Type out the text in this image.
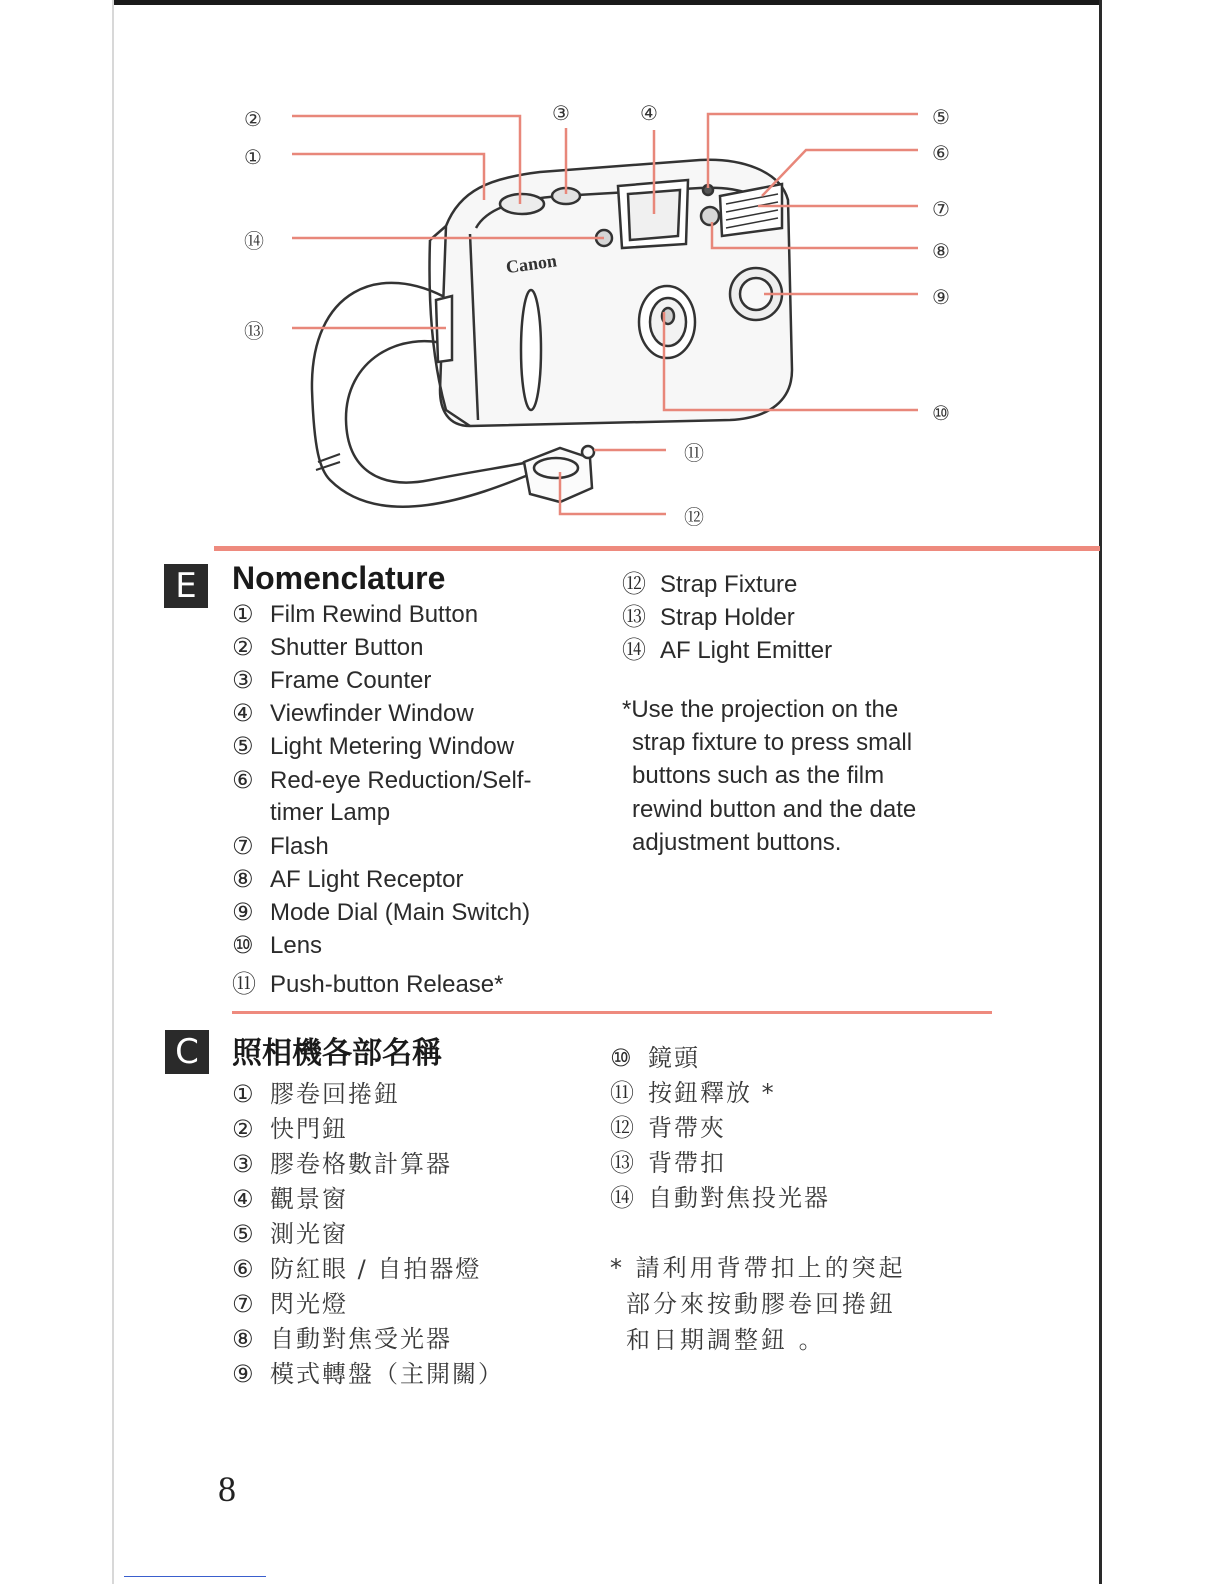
Canon
②
①
⑭
⑬
③	④	⑤
⑥
⑦
⑧
⑨
⑩
⑪
⑫
E	Nomenclature
① Film Rewind Button
② Shutter Button
③ Frame Counter
④ Viewfinder Window
⑤ Light Metering Window
⑥ Red-eye Reduction/Self-
timer Lamp
⑦ Flash
⑧ AF Light Receptor
⑨ Mode Dial (Main Switch)
⑩ Lens
⑪ Push-button Release*
⑫ Strap Fixture
⑬ Strap Holder
⑭ AF Light Emitter
*Use the projection on the
strap fixture to press small
buttons such as the film
rewind button and the date
adjustment buttons.
C	照相機各部名稱
① 膠卷回捲鈕
② 快門鈕
③ 膠卷格數計算器
④ 觀景窗
⑤ 測光窗
⑥ 防紅眼 / 自拍器燈
⑦ 閃光燈
⑧ 自動對焦受光器
⑨ 模式轉盤（主開關）
⑩ 鏡頭
⑪ 按鈕釋放 *
⑫ 背帶夾
⑬ 背帶扣
⑭ 自動對焦投光器
* 請利用背帶扣上的突起
部分來按動膠卷回捲鈕
和日期調整鈕 。
8
